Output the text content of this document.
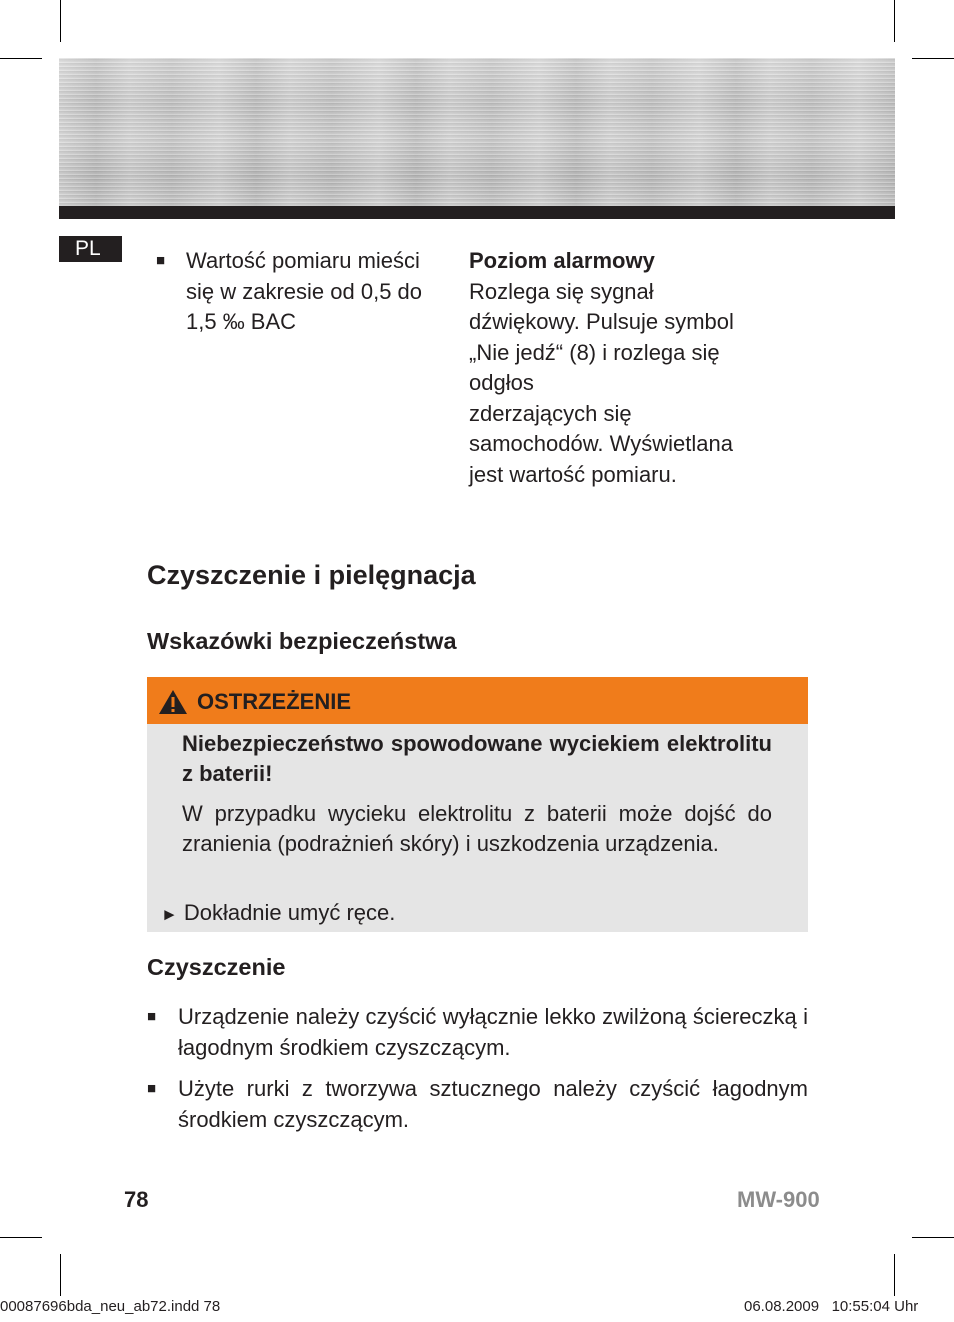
PL
■ Wartość pomiaru mieści się w zakresie od 0,5 do 1,5 ‰ BAC

Poziom alarmowy

Rozlega się sygnał

dźwiękowy. Pulsuje symbol

„Nie jedź“ (8) i rozlega się

odgłos

zderzających się

samochodów. Wyświetlana

jest wartość pomiaru.

Czyszczenie i pielęgnacja
Wskazówki bezpieczeństwa
OSTRZEŻENIE
Niebezpieczeństwo spowodowane wyciekiem elektrolitu z baterii!
W przypadku wycieku elektrolitu z baterii może dojść do zranienia (podrażnień skóry) i uszkodzenia urządzenia.
► Dokładnie umyć ręce.
Czyszczenie
■ Urządzenie należy czyścić wyłącznie lekko zwilżoną ściereczką i łagodnym środkiem czyszczącym.
■ Użyte rurki z tworzywa sztucznego należy czyścić łagodnym środkiem czyszczącym.
78	MW-900
00087696bda_neu_ab72.indd 78	06.08.2009   10:55:04 Uhr
